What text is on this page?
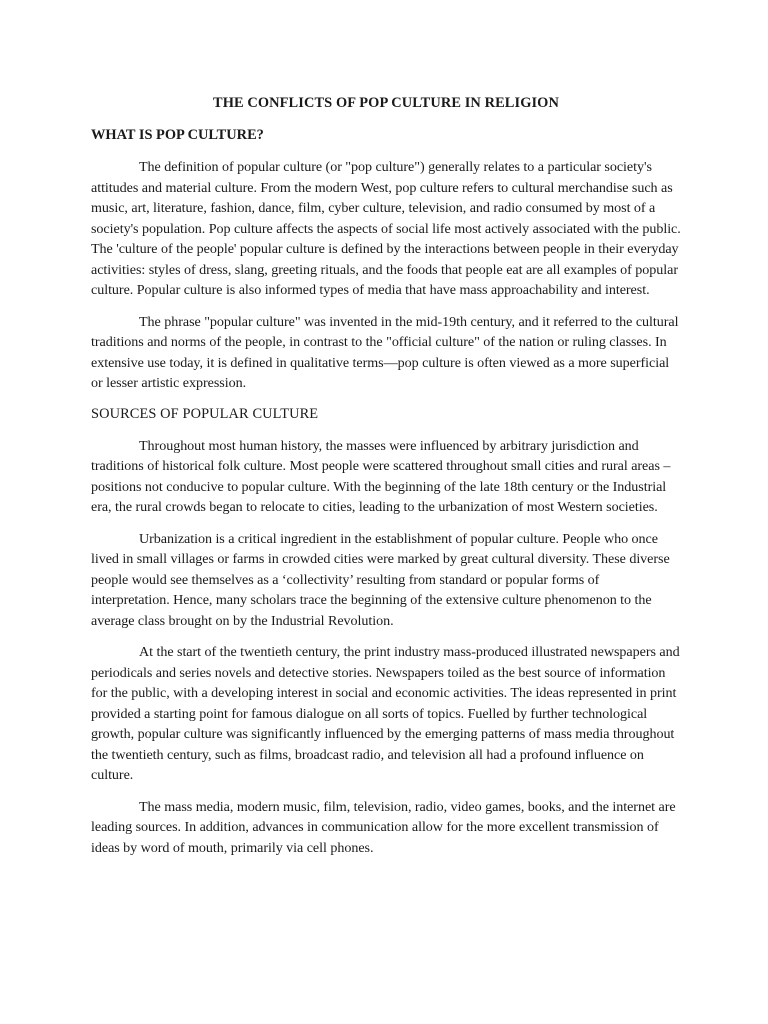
THE CONFLICTS OF POP CULTURE IN RELIGION
WHAT IS POP CULTURE?

The definition of popular culture (or "pop culture") generally relates to a particular society's attitudes and material culture. From the modern West, pop culture refers to cultural merchandise such as music, art, literature, fashion, dance, film, cyber culture, television, and radio consumed by most of a society's population. Pop culture affects the aspects of social life most actively associated with the public. The 'culture of the people' popular culture is defined by the interactions between people in their everyday activities: styles of dress, slang, greeting rituals, and the foods that people eat are all examples of popular culture. Popular culture is also informed types of media that have mass approachability and interest.

The phrase "popular culture" was invented in the mid-19th century, and it referred to the cultural traditions and norms of the people, in contrast to the "official culture" of the nation or ruling classes. In extensive use today, it is defined in qualitative terms—pop culture is often viewed as a more superficial or lesser artistic expression.

SOURCES OF POPULAR CULTURE

Throughout most human history, the masses were influenced by arbitrary jurisdiction and traditions of historical folk culture. Most people were scattered throughout small cities and rural areas – positions not conducive to popular culture. With the beginning of the late 18th century or the Industrial era, the rural crowds began to relocate to cities, leading to the urbanization of most Western societies.

Urbanization is a critical ingredient in the establishment of popular culture. People who once lived in small villages or farms in crowded cities were marked by great cultural diversity. These diverse people would see themselves as a ‘collectivity’ resulting from standard or popular forms of interpretation. Hence, many scholars trace the beginning of the extensive culture phenomenon to the average class brought on by the Industrial Revolution.

At the start of the twentieth century, the print industry mass-produced illustrated newspapers and periodicals and series novels and detective stories. Newspapers toiled as the best source of information for the public, with a developing interest in social and economic activities. The ideas represented in print provided a starting point for famous dialogue on all sorts of topics. Fuelled by further technological growth, popular culture was significantly influenced by the emerging patterns of mass media throughout the twentieth century, such as films, broadcast radio, and television all had a profound influence on culture.

The mass media, modern music, film, television, radio, video games, books, and the internet are leading sources. In addition, advances in communication allow for the more excellent transmission of ideas by word of mouth, primarily via cell phones.
